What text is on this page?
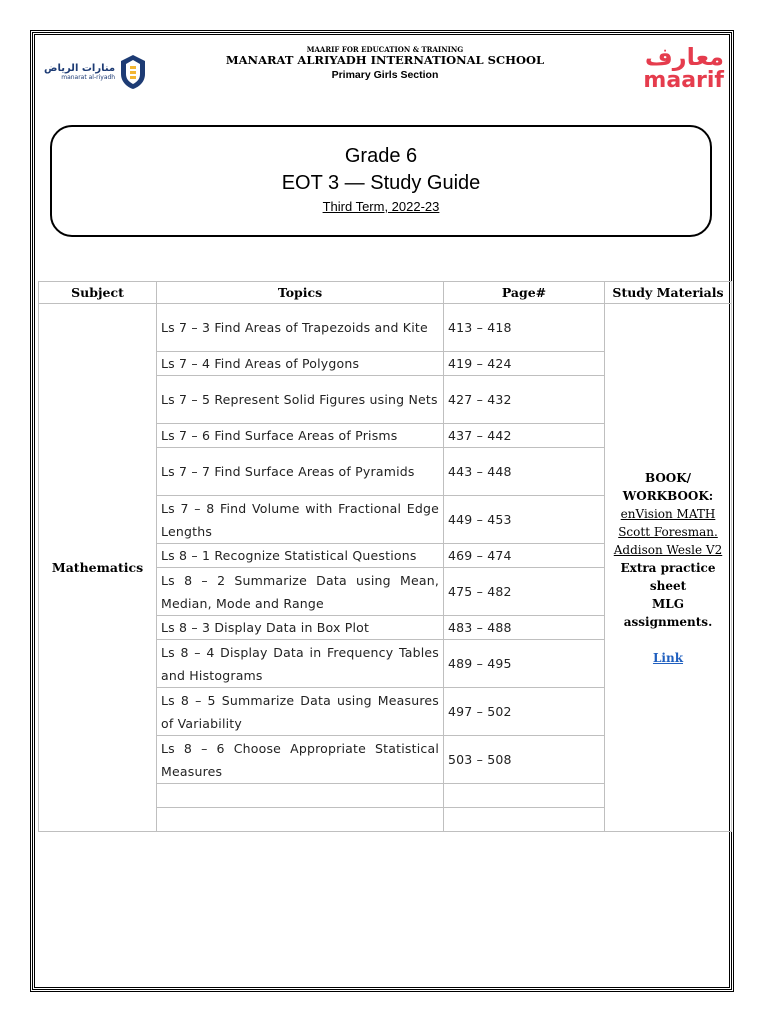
منارات الرياض
manarat al-riyadh
MAARIF FOR EDUCATION & TRAINING
MANARAT ALRIYADH INTERNATIONAL SCHOOL
Primary Girls Section
معارف
maarif
Grade 6
EOT 3 — Study Guide
Third Term, 2022-23
Subject	Topics	Page#	Study Materials
Mathematics	Ls 7 – 3 Find Areas of Trapezoids and Kite	413 – 418	BOOK/ WORKBOOK:
enVision MATH Scott Foresman. Addison Wesle V2
Extra practice sheet
MLG assignments.
Link

	Ls 7 – 4 Find Areas of Polygons	419 – 424	
	Ls 7 – 5 Represent Solid Figures using Nets	427 – 432	
	Ls 7 – 6 Find Surface Areas of Prisms	437 – 442	
	Ls 7 – 7 Find Surface Areas of Pyramids	443 – 448	
	Ls 7 – 8 Find Volume with Fractional Edge Lengths	449 – 453	
	Ls 8 – 1 Recognize Statistical Questions	469 – 474	
	Ls 8 – 2 Summarize Data using Mean, Median, Mode and Range	475 – 482	
	Ls 8 – 3 Display Data in Box Plot	483 – 488	
	Ls 8 – 4 Display Data in Frequency Tables and Histograms	489 – 495	
	Ls 8 – 5 Summarize Data using Measures of Variability	497 – 502	
	Ls 8 – 6 Choose Appropriate Statistical Measures	503 – 508	
